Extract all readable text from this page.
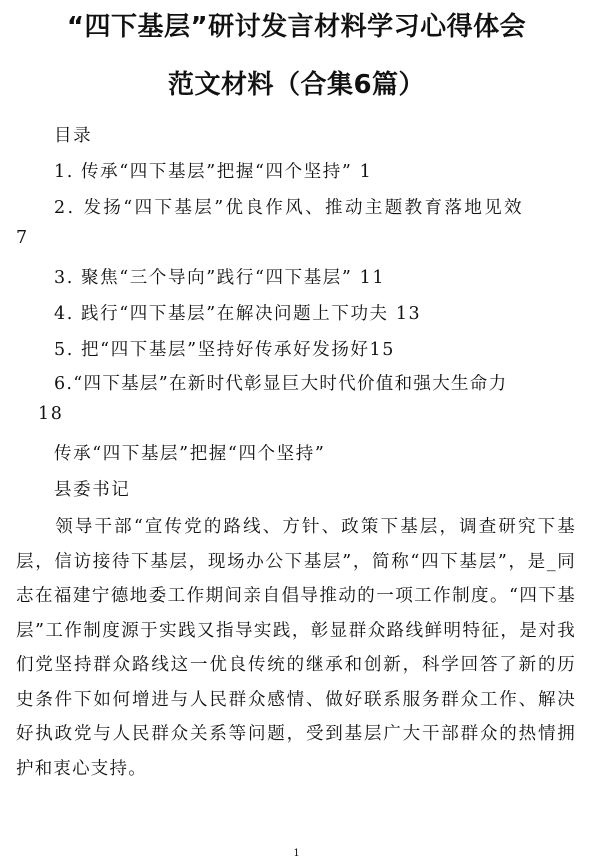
“四下基层”研讨发言材料学习心得体会
范文材料（合集6篇）
目录
1. 传承“四下基层”把握“四个坚持” 1
2. 发扬“四下基层”优良作风、推动主题教育落地见效
7
3. 聚焦“三个导向”践行“四下基层” 11
4. 践行“四下基层”在解决问题上下功夫 13
5. 把“四下基层”坚持好传承好发扬好15
6.“四下基层”在新时代彰显巨大时代价值和强大生命力
18
传承“四下基层”把握“四个坚持”
县委书记

　　领导干部“宣传党的路线、方针、政策下基层，调查研究下基层，信访接待下基层，现场办公下基层”，简称“四下基层”，是_同志在福建宁德地委工作期间亲自倡导推动的一项工作制度。“四下基层”工作制度源于实践又指导实践，彰显群众路线鲜明特征，是对我们党坚持群众路线这一优良传统的继承和创新，科学回答了新的历史条件下如何增进与人民群众感情、做好联系服务群众工作、解决好执政党与人民群众关系等问题，受到基层广大干部群众的热情拥护和衷心支持。

1
